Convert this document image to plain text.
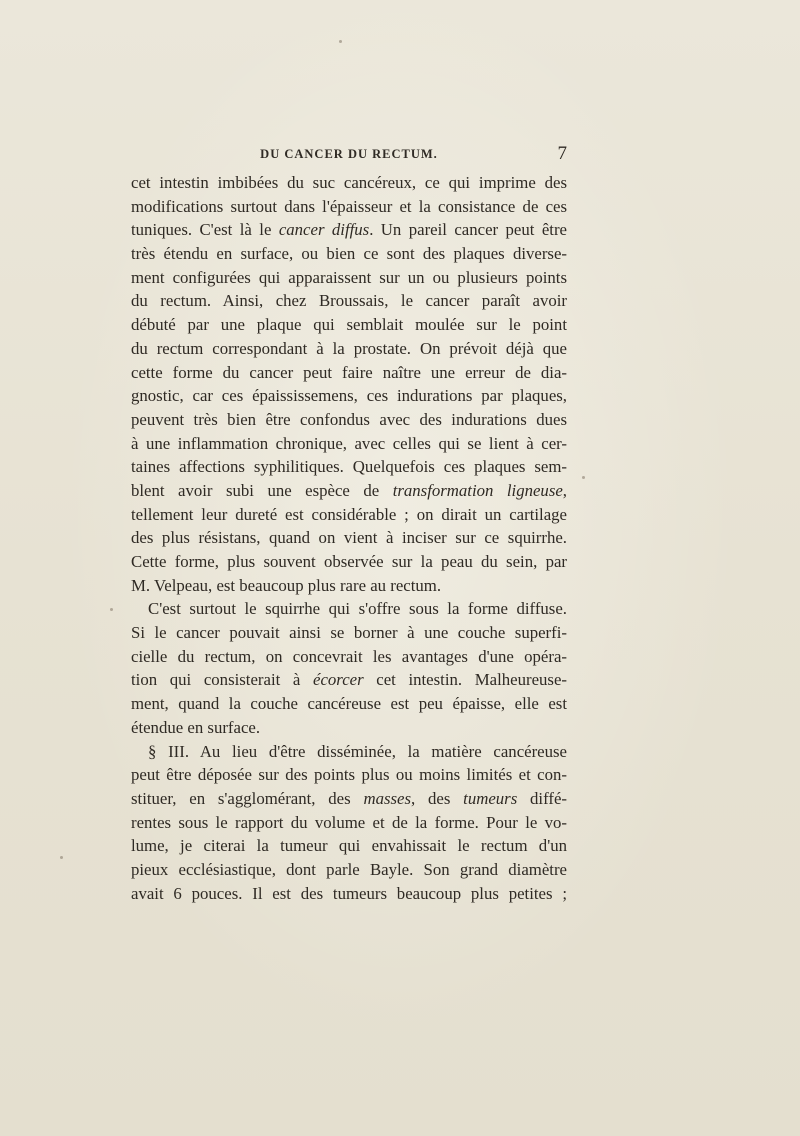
DU CANCER DU RECTUM.	7
cet intestin imbibées du suc cancéreux, ce qui imprime des
modifications surtout dans l'épaisseur et la consistance de ces
tuniques. C'est là le cancer diffus. Un pareil cancer peut être
très étendu en surface, ou bien ce sont des plaques diverse-
ment configurées qui apparaissent sur un ou plusieurs points
du rectum. Ainsi, chez Broussais, le cancer paraît avoir
débuté par une plaque qui semblait moulée sur le point
du rectum correspondant à la prostate. On prévoit déjà que
cette forme du cancer peut faire naître une erreur de dia-
gnostic, car ces épaississemens, ces indurations par plaques,
peuvent très bien être confondus avec des indurations dues
à une inflammation chronique, avec celles qui se lient à cer-
taines affections syphilitiques. Quelquefois ces plaques sem-
blent avoir subi une espèce de transformation ligneuse,
tellement leur dureté est considérable ; on dirait un cartilage
des plus résistans, quand on vient à inciser sur ce squirrhe.
Cette forme, plus souvent observée sur la peau du sein, par
M. Velpeau, est beaucoup plus rare au rectum.
C'est surtout le squirrhe qui s'offre sous la forme diffuse.
Si le cancer pouvait ainsi se borner à une couche superfi-
cielle du rectum, on concevrait les avantages d'une opéra-
tion qui consisterait à écorcer cet intestin. Malheureuse-
ment, quand la couche cancéreuse est peu épaisse, elle est
étendue en surface.
§ III. Au lieu d'être disséminée, la matière cancéreuse
peut être déposée sur des points plus ou moins limités et con-
stituer, en s'agglomérant, des masses, des tumeurs diffé-
rentes sous le rapport du volume et de la forme. Pour le vo-
lume, je citerai la tumeur qui envahissait le rectum d'un
pieux ecclésiastique, dont parle Bayle. Son grand diamètre
avait 6 pouces. Il est des tumeurs beaucoup plus petites ;
